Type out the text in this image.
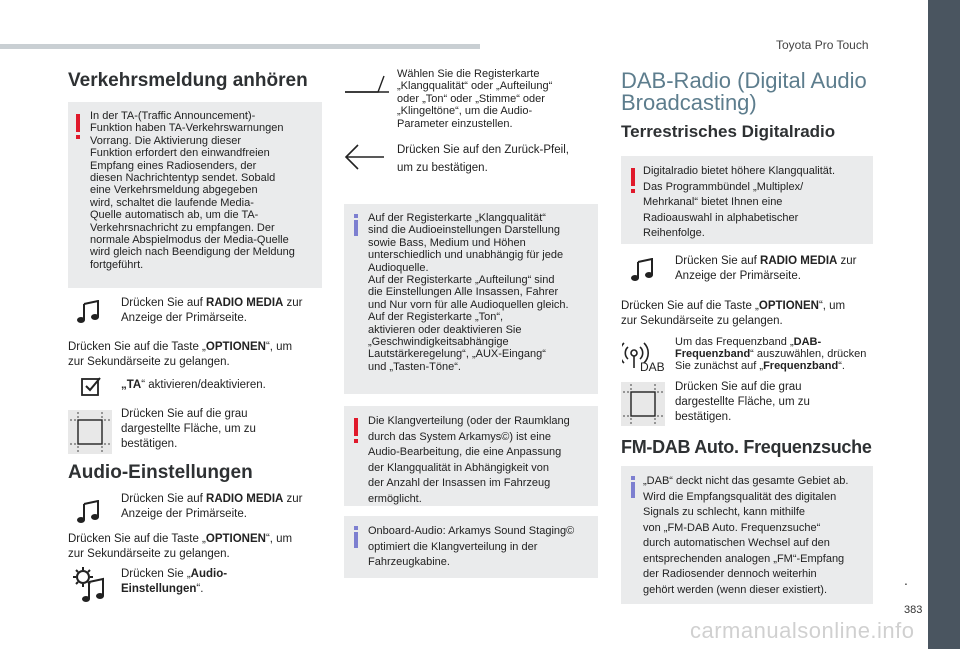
Toyota Pro Touch
.
383
carmanualsonline.info
Verkehrsmeldung anhören
In der TA-(Traffic Announcement)-
Funktion haben TA-Verkehrswarnungen
Vorrang. Die Aktivierung dieser
Funktion erfordert den einwandfreien
Empfang eines Radiosenders, der
diesen Nachrichtentyp sendet. Sobald
eine Verkehrsmeldung abgegeben
wird, schaltet die laufende Media-
Quelle automatisch ab, um die TA-
Verkehrsnachricht zu empfangen. Der
normale Abspielmodus der Media-Quelle
wird gleich nach Beendigung der Meldung
fortgeführt.
Drücken Sie auf RADIO MEDIA zur
Anzeige der Primärseite.
Drücken Sie auf die Taste „OPTIONEN“, um
zur Sekundärseite zu gelangen.
„TA“ aktivieren/deaktivieren.
Drücken Sie auf die grau
dargestellte Fläche, um zu
bestätigen.
Audio-Einstellungen
Drücken Sie auf RADIO MEDIA zur
Anzeige der Primärseite.
Drücken Sie auf die Taste „OPTIONEN“, um
zur Sekundärseite zu gelangen.
Drücken Sie „Audio-
Einstellungen“.
Wählen Sie die Registerkarte
„Klangqualität“ oder „Aufteilung“
oder „Ton“ oder „Stimme“ oder
„Klingeltöne“, um die Audio-
Parameter einzustellen.
Drücken Sie auf den Zurück-Pfeil,
um zu bestätigen.
Auf der Registerkarte „Klangqualität“
sind die Audioeinstellungen Darstellung
sowie Bass, Medium und Höhen
unterschiedlich und unabhängig für jede
Audioquelle.
Auf der Registerkarte „Aufteilung“ sind
die Einstellungen Alle Insassen, Fahrer
und Nur vorn für alle Audioquellen gleich.
Auf der Registerkarte „Ton“,
aktivieren oder deaktivieren Sie
„Geschwindigkeitsabhängige
Lautstärkeregelung“, „AUX-Eingang“
und „Tasten-Töne“.
Die Klangverteilung (oder der Raumklang
durch das System Arkamys©) ist eine
Audio-Bearbeitung, die eine Anpassung
der Klangqualität in Abhängigkeit von
der Anzahl der Insassen im Fahrzeug
ermöglicht.
Onboard-Audio: Arkamys Sound Staging©
optimiert die Klangverteilung in der
Fahrzeugkabine.
DAB-Radio (Digital Audio
Broadcasting)
Terrestrisches Digitalradio
Digitalradio bietet höhere Klangqualität.
Das Programmbündel „Multiplex/
Mehrkanal“ bietet Ihnen eine
Radioauswahl in alphabetischer
Reihenfolge.
Drücken Sie auf RADIO MEDIA zur
Anzeige der Primärseite.
Drücken Sie auf die Taste „OPTIONEN“, um
zur Sekundärseite zu gelangen.
DAB
Um das Frequenzband „DAB-
Frequenzband“ auszuwählen, drücken
Sie zunächst auf „Frequenzband“.
Drücken Sie auf die grau
dargestellte Fläche, um zu
bestätigen.
FM-DAB Auto. Frequenzsuche
„DAB“ deckt nicht das gesamte Gebiet ab.
Wird die Empfangsqualität des digitalen
Signals zu schlecht, kann mithilfe
von „FM-DAB Auto. Frequenzsuche“
durch automatischen Wechsel auf den
entsprechenden analogen „FM“-Empfang
der Radiosender dennoch weiterhin
gehört werden (wenn dieser existiert).
